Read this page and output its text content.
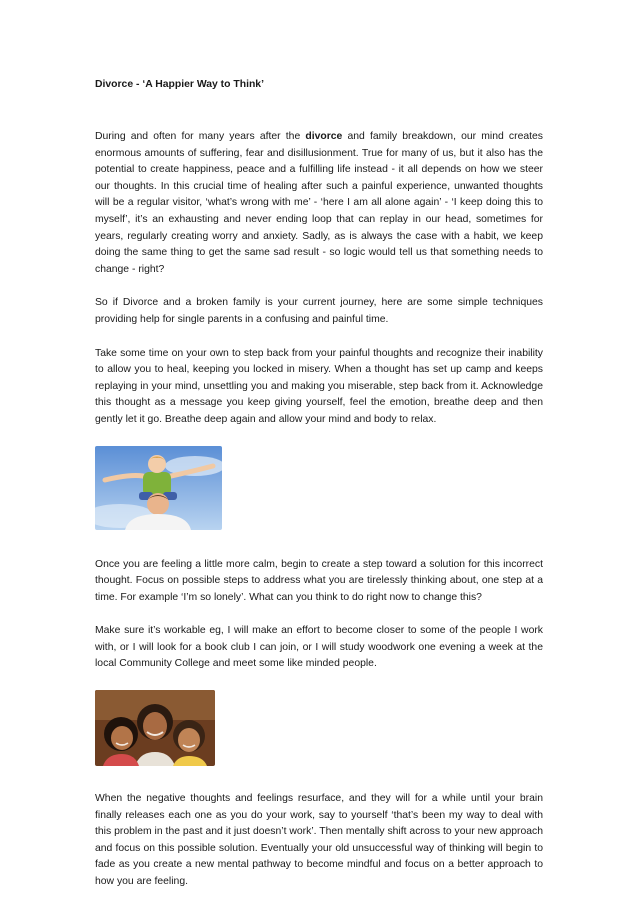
Divorce - ‘A Happier Way to Think’

During and often for many years after the divorce and family breakdown, our mind creates enormous amounts of suffering, fear and disillusionment. True for many of us, but it also has the potential to create happiness, peace and a fulfilling life instead - it all depends on how we steer our thoughts. In this crucial time of healing after such a painful experience, unwanted thoughts will be a regular visitor, ‘what’s wrong with me’ - ‘here I am all alone again’ - ‘I keep doing this to myself’, it’s an exhausting and never ending loop that can replay in our head, sometimes for years, regularly creating worry and anxiety. Sadly, as is always the case with a habit, we keep doing the same thing to get the same sad result - so logic would tell us that something needs to change - right?

So if Divorce and a broken family is your current journey, here are some simple techniques providing help for single parents in a confusing and painful time.

Take some time on your own to step back from your painful thoughts and recognize their inability to allow you to heal, keeping you locked in misery. When a thought has set up camp and keeps replaying in your mind, unsettling you and making you miserable, step back from it. Acknowledge this thought as a message you keep giving yourself, feel the emotion, breathe deep and then gently let it go. Breathe deep again and allow your mind and body to relax.

Once you are feeling a little more calm, begin to create a step toward a solution for this incorrect thought. Focus on possible steps to address what you are tirelessly thinking about, one step at a time. For example ‘I’m so lonely’. What can you think to do right now to change this?

Make sure it’s workable eg, I will make an effort to become closer to some of the people I work with, or I will look for a book club I can join, or I will study woodwork one evening a week at the local Community College and meet some like minded people.

When the negative thoughts and feelings resurface, and they will for a while until your brain finally releases each one as you do your work, say to yourself ‘that’s been my way to deal with this problem in the past and it just doesn’t work’. Then mentally shift across to your new approach and focus on this possible solution. Eventually your old unsuccessful way of thinking will begin to fade as you create a new mental pathway to become mindful and focus on a better approach to how you are feeling.
